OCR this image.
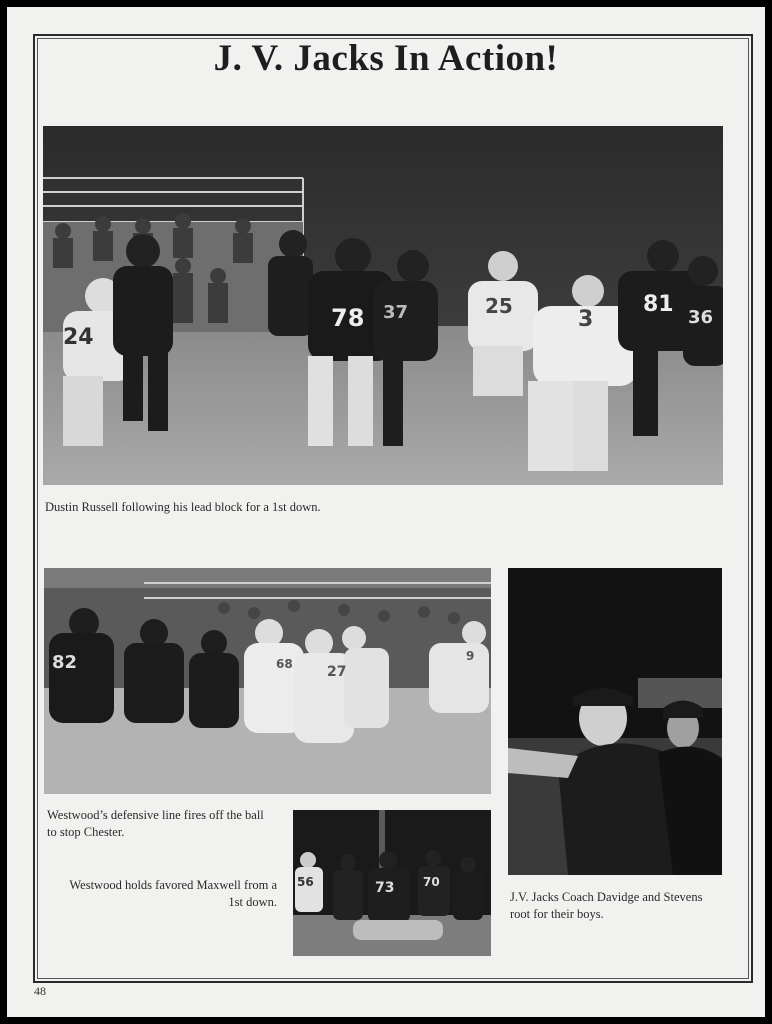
J. V. Jacks In Action!
24
78 37	25
3
81
36
Dustin Russell following his lead block for a 1st down.
82	68 27
9
Westwood’s defensive line fires off the ball to stop Chester.
J.V. Jacks Coach Davidge and Stevens root for their boys.
56	73 70
Westwood holds favored Maxwell from a 1st down.
48
